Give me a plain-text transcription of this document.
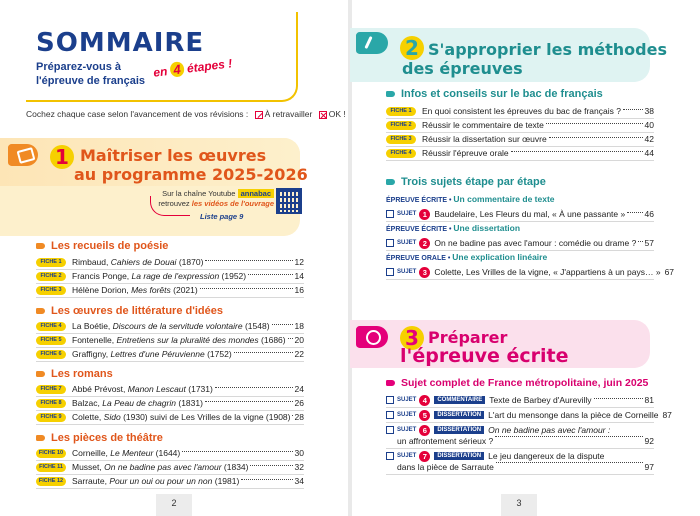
SOMMAIRE
Préparez-vous à l'épreuve de français
en 4 étapes !
Cochez chaque case selon l'avancement de vos révisions : À retravailler OK !
1 Maîtriser les œuvres
au programme 2025-2026
Sur la chaîne Youtube annabac
retrouvez les vidéos de l'ouvrage
Liste page 9
Les recueils de poésie
Les œuvres de littérature d'idées
Les romans
Les pièces de théâtre
FICHE 1	Rimbaud, Cahiers de Douai (1870)	12
FICHE 2	Francis Ponge, La rage de l'expression (1952)	14
FICHE 3	Hélène Dorion, Mes forêts (2021)	16
FICHE 4	La Boétie, Discours de la servitude volontaire (1548)	18
FICHE 5	Fontenelle, Entretiens sur la pluralité des mondes (1686) 20
FICHE 6	Graffigny, Lettres d'une Péruvienne (1752)	22
FICHE 7	Abbé Prévost, Manon Lescaut (1731)	24
FICHE 8	Balzac, La Peau de chagrin (1831)	26
FICHE 9	Colette, Sido (1930) suivi de Les Vrilles de la vigne (1908) 28
FICHE 10	Corneille, Le Menteur (1644)	30
FICHE 11	Musset, On ne badine pas avec l'amour (1834)	32
FICHE 12	Sarraute, Pour un oui ou pour un non (1981)	34
2
2 S'approprier les méthodes
des épreuves
Infos et conseils sur le bac de français
FICHE 1	En quoi consistent les épreuves du bac de français ?	38
FICHE 2	Réussir le commentaire de texte	40
FICHE 3	Réussir la dissertation sur œuvre	42
FICHE 4	Réussir l'épreuve orale	44
Trois sujets étape par étape
ÉPREUVE ÉCRITE • Un commentaire de texte
SUJET 1 Baudelaire, Les Fleurs du mal, « À une passante » 46
ÉPREUVE ÉCRITE • Une dissertation
SUJET 2 On ne badine pas avec l'amour : comédie ou drame ? 57
ÉPREUVE ORALE • Une explication linéaire
SUJET 3 Colette, Les Vrilles de la vigne, « J'appartiens à un pays… » 67
3 Préparer
l'épreuve écrite
Sujet complet de France métropolitaine, juin 2025
SUJET 4	COMMENTAIRE Texte de Barbey d'Aurevilly	81
SUJET 5	DISSERTATION L'art du mensonge dans la pièce de Corneille 87
SUJET 6	DISSERTATION On ne badine pas avec l'amour :
un affrontement sérieux ?	92
SUJET 7	DISSERTATION Le jeu dangereux de la dispute
dans la pièce de Sarraute	97
3
